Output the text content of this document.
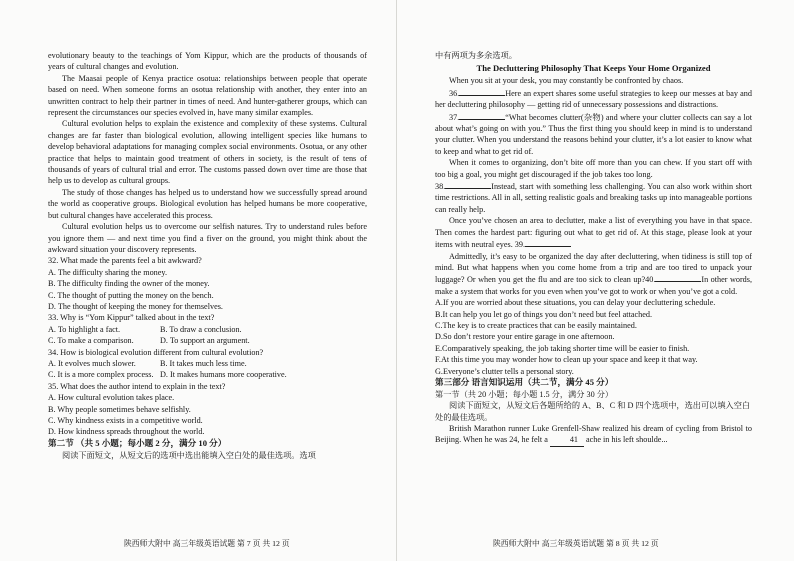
evolutionary beauty to the teachings of Yom Kippur, which are the products of thousands of years of cultural changes and evolution.

The Maasai people of Kenya practice osotua: relationships between people that operate based on need. When someone forms an osotua relationship with another, they enter into an unwritten contract to help their partner in times of need. And hunter-gatherer groups, which can represent the circumstances our species evolved in, have many similar examples.

Cultural evolution helps to explain the existence and complexity of these systems. Cultural changes are far faster than biological evolution, allowing intelligent species like humans to develop behavioral adaptations for managing complex social environments. Osotua, or any other practice that helps to maintain good treatment of others in society, is the result of tens of thousands of years of cultural trial and error. The customs passed down over time are those that help us to develop as cultural groups.

The study of those changes has helped us to understand how we successfully spread around the world as cooperative groups. Biological evolution has helped humans be more cooperative, but cultural changes have accelerated this process.

Cultural evolution helps us to overcome our selfish natures. Try to understand rules before you ignore them — and next time you find a fiver on the ground, you might think about the awkward situation your discovery represents.

32. What made the parents feel a bit awkward?

A. The difficulty sharing the money.

B. The difficulty finding the owner of the money.

C. The thought of putting the money on the bench.

D. The thought of keeping the money for themselves.

33. Why is “Yom Kippur” talked about in the text?

A. To highlight a fact.	B. To draw a conclusion.
C. To make a comparison.	D. To support an argument.

34. How is biological evolution different from cultural evolution?

A. It evolves much slower.	B. It takes much less time.
C. It is a more complex process. D. It makes humans more cooperative.

35. What does the author intend to explain in the text?

A. How cultural evolution takes place.

B. Why people sometimes behave selfishly.

C. Why kindness exists in a competitive world.

D. How kindness spreads throughout the world.

第二节 （共 5 小题；每小题 2 分，满分 10 分）

阅读下面短文，从短文后的选项中选出能填入空白处的最佳选项。选项

陕西师大附中 高三年级英语试题 第 7 页 共 12 页

中有两项为多余选项。

The Decluttering Philosophy That Keeps Your Home Organized

When you sit at your desk, you may constantly be confronted by chaos.

36.	Here an expert shares some useful strategies to keep our messes at bay and her decluttering philosophy — getting rid of unnecessary possessions and distractions.

37.	“What becomes clutter(杂物) and where your clutter collects can say a lot about what’s going on with you.” Thus the first thing you should keep in mind is to understand your clutter. When you understand the reasons behind your clutter, it’s a lot easier to know what to keep and what to get rid of.

When it comes to organizing, don’t bite off more than you can chew. If you start off with too big a goal, you might get discouraged if the job takes too long.

38.	Instead, start with something less challenging. You can also work within short time restrictions. All in all, setting realistic goals and breaking tasks up into manageable portions can really help.

Once you’ve chosen an area to declutter, make a list of everything you have in that space. Then comes the hardest part: figuring out what to get rid of. At this stage, please look at your items with neutral eyes. 39.

Admittedly, it’s easy to be organized the day after decluttering, when tidiness is still top of mind. But what happens when you come home from a trip and are too tired to unpack your luggage? Or when you get the flu and are too sick to clean up?40.	In other words, make a system that works for you even when you’ve got to work or when you’ve got a cold.

A.If you are worried about these situations, you can delay your decluttering schedule.

B.It can help you let go of things you don’t need but feel attached.

C.The key is to create practices that can be easily maintained.

D.So don’t restore your entire garage in one afternoon.

E.Comparatively speaking, the job taking shorter time will be easier to finish.

F.At this time you may wonder how to clean up your space and keep it that way.

G.Everyone’s clutter tells a personal story.

第三部分 语言知识运用（共二节，满分 45 分）

第一节（共 20 小题；每小题 1.5 分，满分 30 分）

阅读下面短文，从短文后各题所给的 A、B、C 和 D 四个选项中，选出可以填入空白处的最佳选项。

British Marathon runner Luke Grenfell-Shaw realized his dream of cycling from Bristol to Beijing. When he was 24, he felt a	41 ache in his left shoulde...

陕西师大附中 高三年级英语试题 第 8 页 共 12 页
